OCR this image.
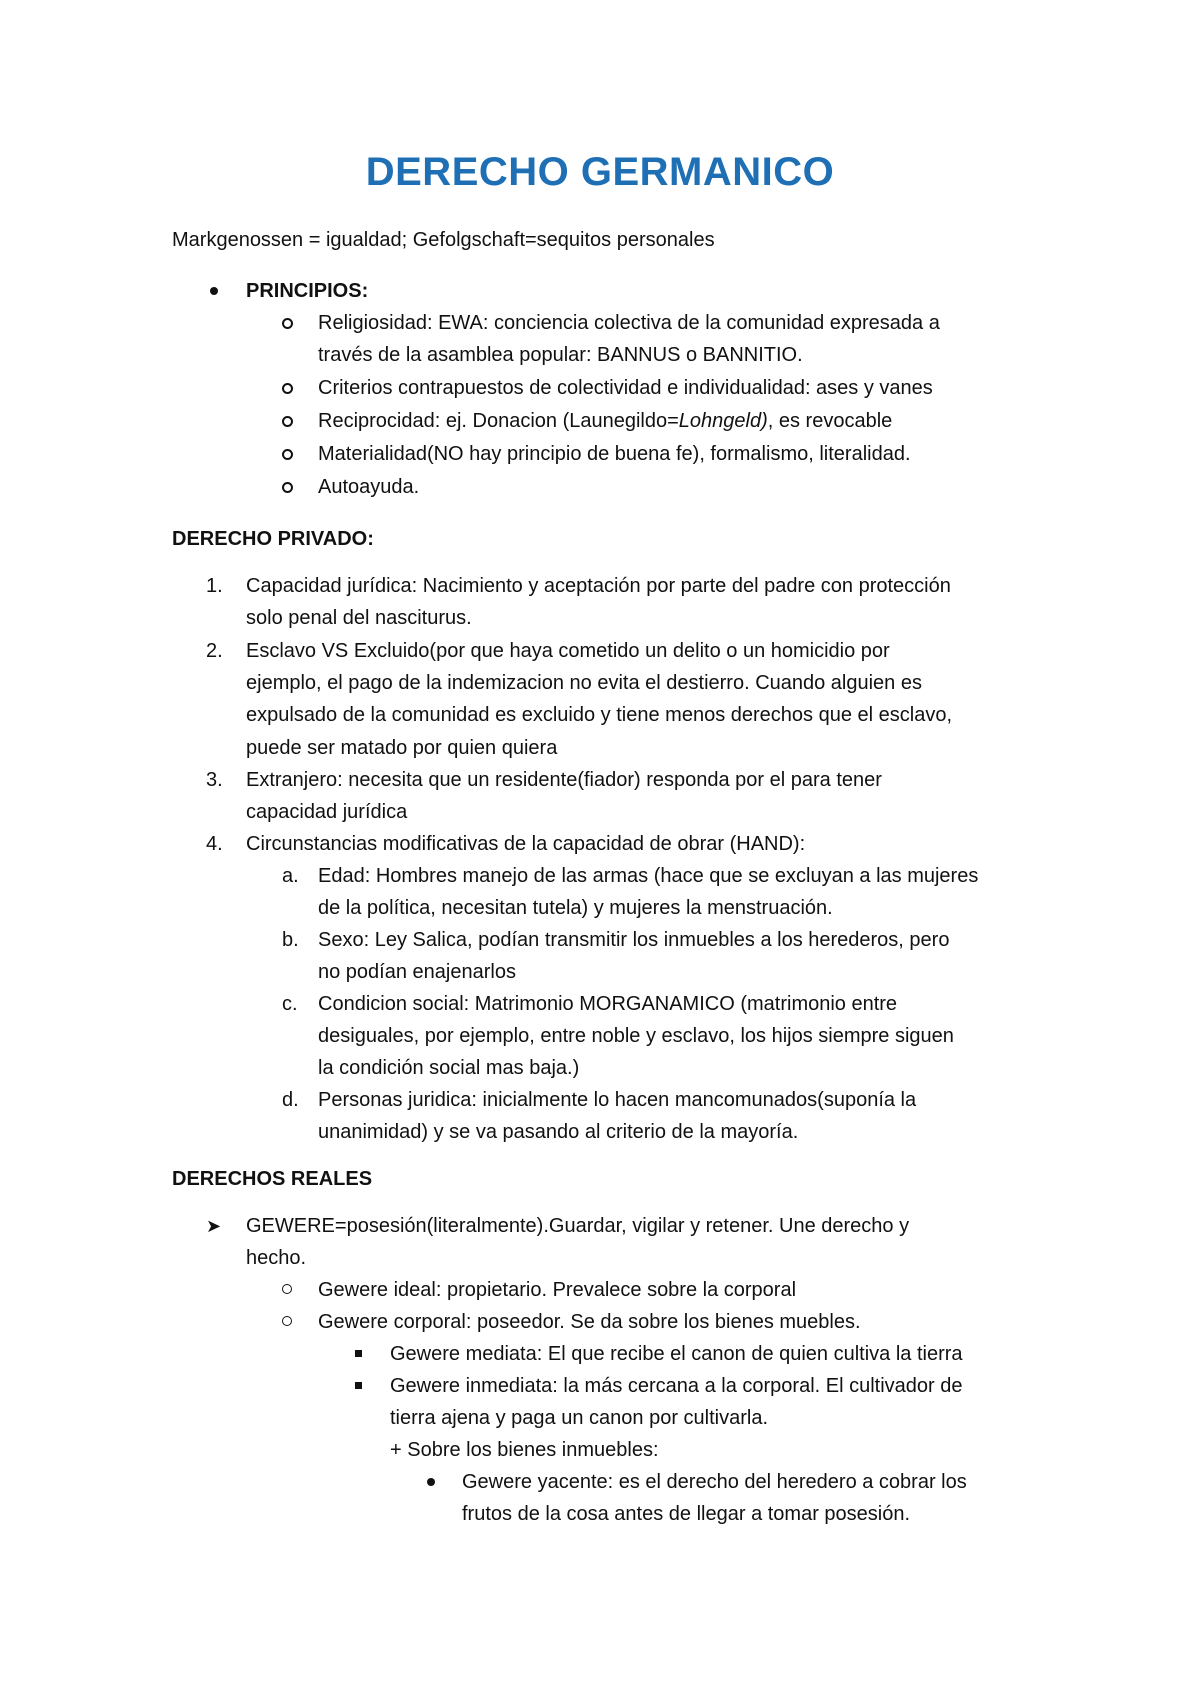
DERECHO GERMANICO
Markgenossen = igualdad; Gefolgschaft=sequitos personales
PRINCIPIOS:
Religiosidad: EWA: conciencia colectiva de la comunidad expresada a
través de la asamblea popular: BANNUS o BANNITIO.
Criterios contrapuestos de colectividad e individualidad: ases y vanes
Reciprocidad: ej. Donacion (Launegildo=Lohngeld), es revocable
Materialidad(NO hay principio de buena fe), formalismo, literalidad.
Autoayuda.
DERECHO PRIVADO:
1. Capacidad jurídica: Nacimiento y aceptación por parte del padre con protección
solo penal del nasciturus.
2. Esclavo VS Excluido(por que haya cometido un delito o un homicidio por
ejemplo, el pago de la indemizacion no evita el destierro. Cuando alguien es
expulsado de la comunidad es excluido y tiene menos derechos que el esclavo,
puede ser matado por quien quiera
3. Extranjero: necesita que un residente(fiador) responda por el para tener
capacidad jurídica
4. Circunstancias modificativas de la capacidad de obrar (HAND):
a. Edad: Hombres manejo de las armas (hace que se excluyan a las mujeres
de la política, necesitan tutela) y mujeres la menstruación.
b. Sexo: Ley Salica, podían transmitir los inmuebles a los herederos, pero
no podían enajenarlos
c. Condicion social: Matrimonio MORGANAMICO (matrimonio entre
desiguales, por ejemplo, entre noble y esclavo, los hijos siempre siguen
la condición social mas baja.)
d. Personas juridica: inicialmente lo hacen mancomunados(suponía la
unanimidad) y se va pasando al criterio de la mayoría.
DERECHOS REALES
➤ GEWERE=posesión(literalmente).Guardar, vigilar y retener. Une derecho y
hecho.
Gewere ideal: propietario. Prevalece sobre la corporal
Gewere corporal: poseedor. Se da sobre los bienes muebles.
Gewere mediata: El que recibe el canon de quien cultiva la tierra
Gewere inmediata: la más cercana a la corporal. El cultivador de
tierra ajena y paga un canon por cultivarla.
+ Sobre los bienes inmuebles:
Gewere yacente: es el derecho del heredero a cobrar los
frutos de la cosa antes de llegar a tomar posesión.
